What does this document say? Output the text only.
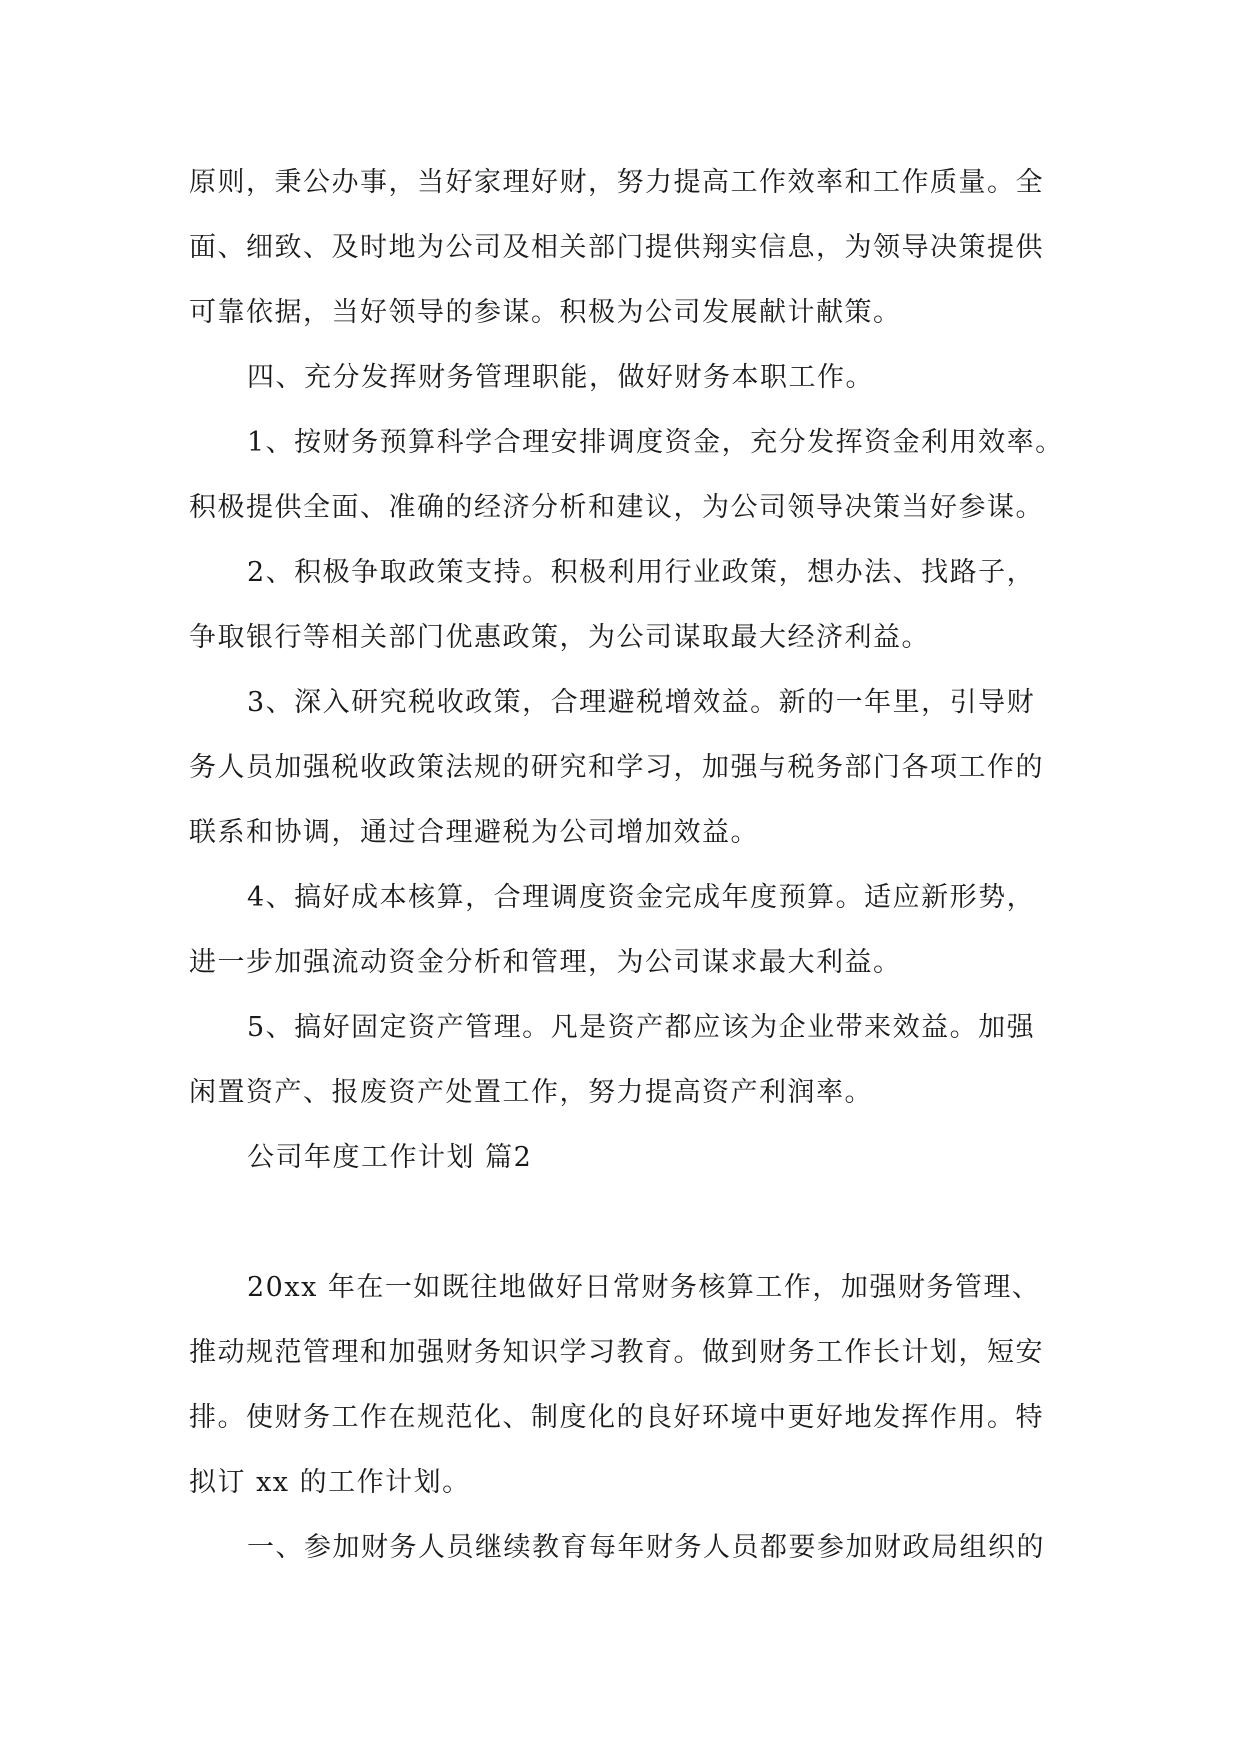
原则，秉公办事，当好家理好财，努力提高工作效率和工作质量。全
面、细致、及时地为公司及相关部门提供翔实信息，为领导决策提供
可靠依据，当好领导的参谋。积极为公司发展献计献策。
四、充分发挥财务管理职能，做好财务本职工作。
1、按财务预算科学合理安排调度资金，充分发挥资金利用效率。
积极提供全面、准确的经济分析和建议，为公司领导决策当好参谋。
2、积极争取政策支持。积极利用行业政策，想办法、找路子，
争取银行等相关部门优惠政策，为公司谋取最大经济利益。
3、深入研究税收政策，合理避税增效益。新的一年里，引导财
务人员加强税收政策法规的研究和学习，加强与税务部门各项工作的
联系和协调，通过合理避税为公司增加效益。
4、搞好成本核算，合理调度资金完成年度预算。适应新形势，
进一步加强流动资金分析和管理，为公司谋求最大利益。
5、搞好固定资产管理。凡是资产都应该为企业带来效益。加强
闲置资产、报废资产处置工作，努力提高资产利润率。
公司年度工作计划 篇2
20xx 年在一如既往地做好日常财务核算工作，加强财务管理、
推动规范管理和加强财务知识学习教育。做到财务工作长计划，短安
排。使财务工作在规范化、制度化的良好环境中更好地发挥作用。特
拟订 xx 的工作计划。
一、参加财务人员继续教育每年财务人员都要参加财政局组织的
